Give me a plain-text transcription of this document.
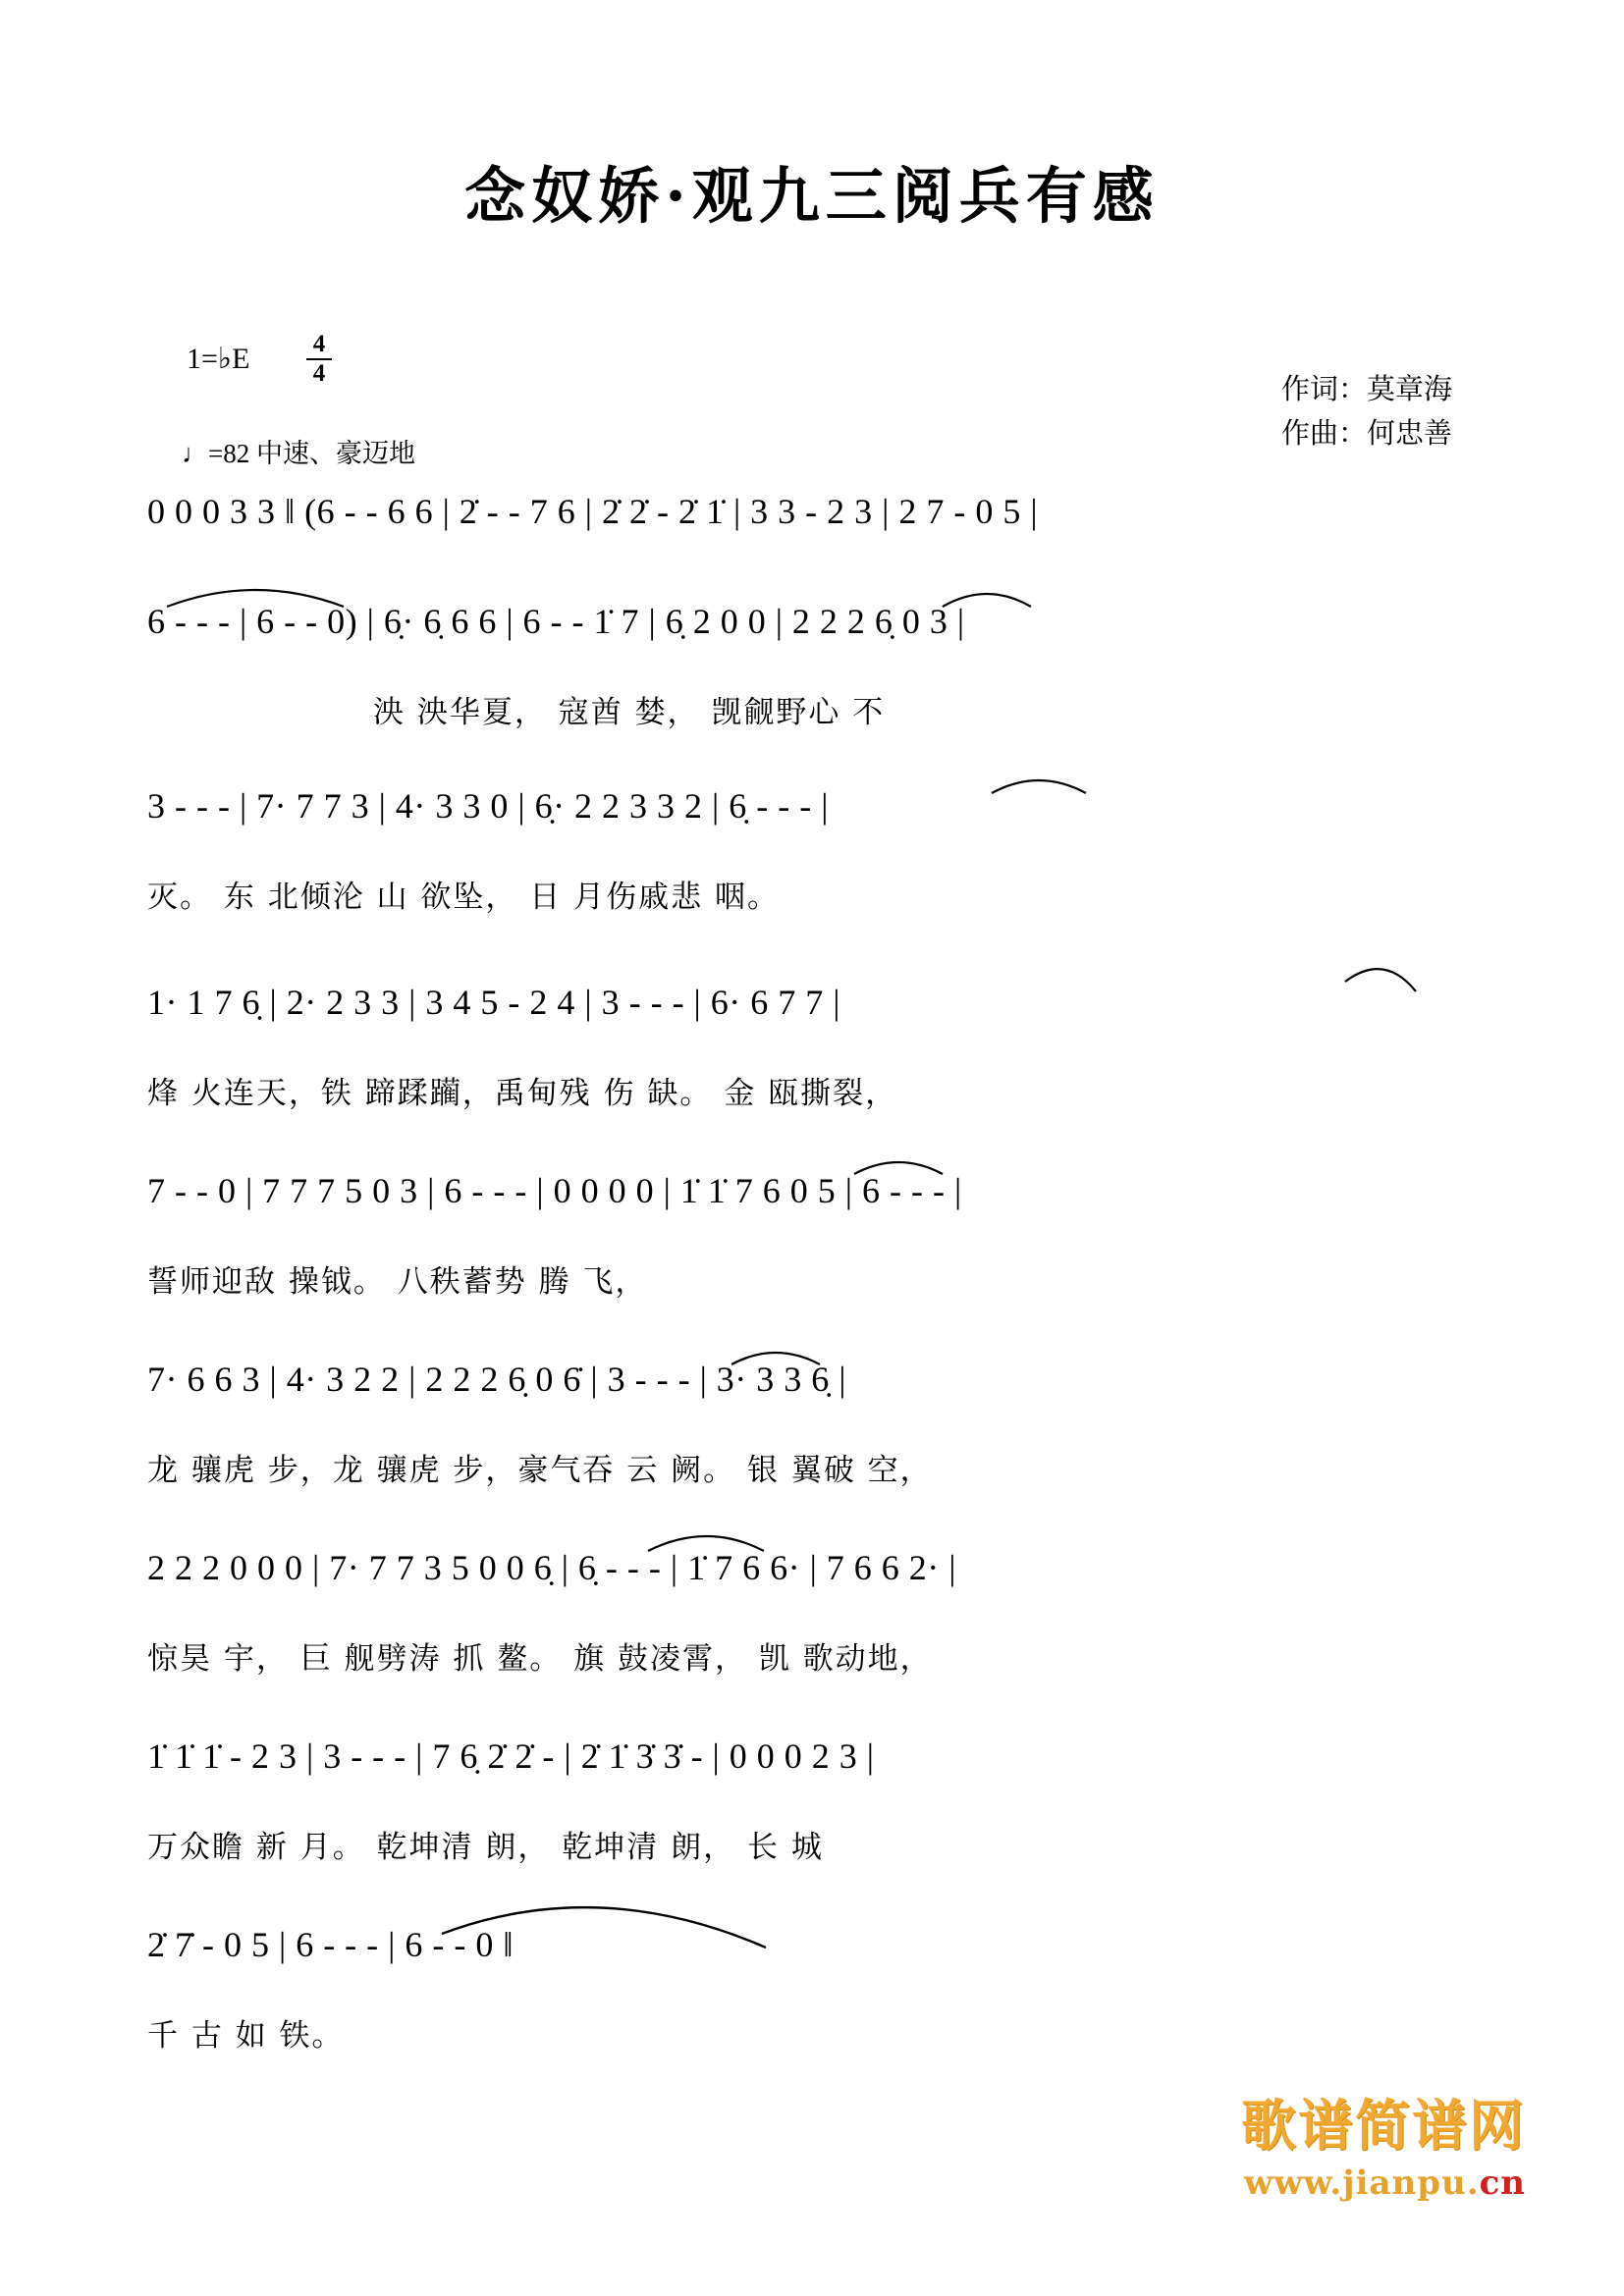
念奴娇·观九三阅兵有感
1=♭E	4
4
♩=82 中速、豪迈地
作词：莫章海
作曲：何忠善
0 0 0 3 3 ‖ (6 - - 6 6 | 2̇ - - 7 6 | 2̇ 2̇ - 2̇ 1̇ | 3 3 - 2 3 | 2 7 - 0 5 |
6 - - - | 6 - - 0) | 6̣· 6̣ 6 6 | 6 - - 1̇ 7 | 6̣ 2 0 0 | 2 2 2 6̣ 0 3 |
泱 泱华夏， 寇酋 婪， 觊觎野心 不
3 - - - | 7· 7 7 3 | 4· 3 3 0 | 6̣· 2 2 3 3 2 | 6̣ - - - |
灭。 东 北倾沦 山 欲坠， 日 月伤戚悲 咽。
1· 1 7 6̣ | 2· 2 3 3 | 3 4 5 - 2 4 | 3 - - - | 6· 6 7 7 |
烽 火连天，铁 蹄蹂躏，禹甸残 伤 缺。 金 瓯撕裂，
7 - - 0 | 7 7 7 5 0 3 | 6 - - - | 0 0 0 0 | 1̇ 1̇ 7 6 0 5 | 6 - - - |
誓师迎敌 操钺。 八秩蓄势 腾 飞，
7· 6 6 3 | 4· 3 2 2 | 2 2 2 6̣ 0 6̇ | 3 - - - | 3· 3 3 6̣ |
龙 骧虎 步，龙 骧虎 步，豪气吞 云 阙。 银 翼破 空，
2 2 2 0 0 0 | 7· 7 7 3 5 0 0 6̣ | 6̣ - - - | 1̇ 7 6 6· | 7 6 6 2· |
惊昊 宇， 巨 舰劈涛 抓 鳌。 旗 鼓凌霄， 凯 歌动地，
1̇ 1̇ 1̇ - 2 3 | 3 - - - | 7 6̣ 2̇ 2̇ - | 2̇ 1̇ 3̇ 3̇ - | 0 0 0 2 3 |
万众瞻 新 月。 乾坤清 朗， 乾坤清 朗， 长 城
2̇ 7̇ - 0 5 | 6 - - - | 6 - - 0 ‖
千 古 如 铁。
歌谱简谱网
www.jianpu.cn
